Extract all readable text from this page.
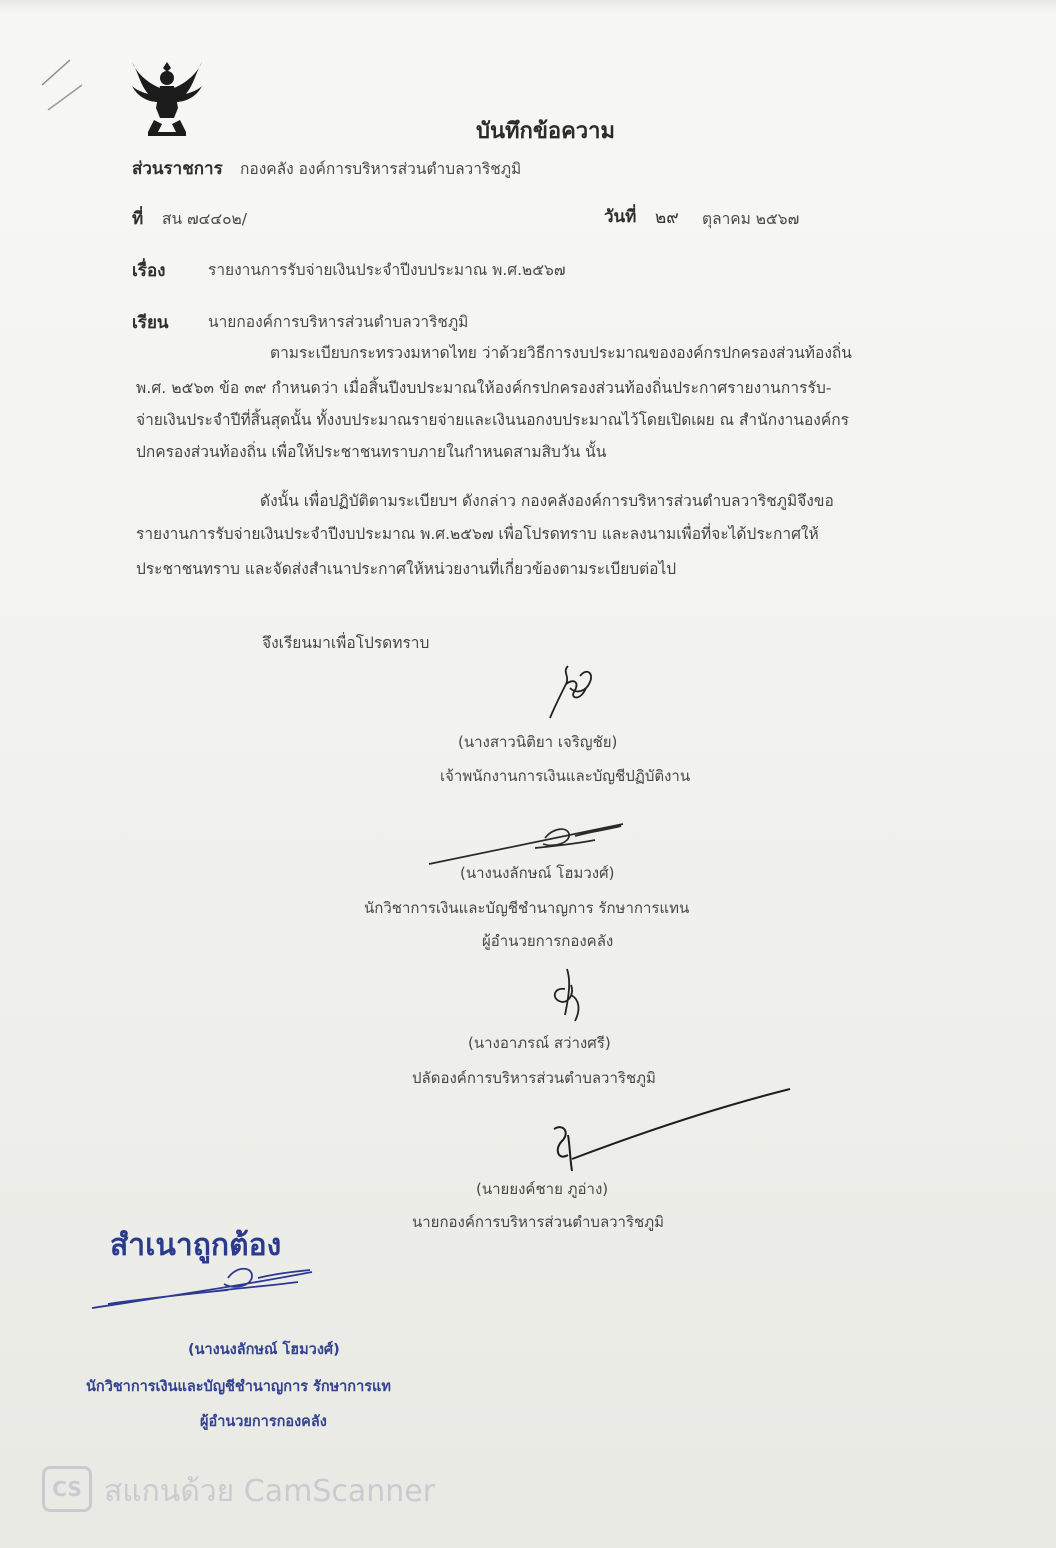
บันทึกข้อความ
ส่วนราชการ กองคลัง องค์การบริหารส่วนตำบลวาริชภูมิ
ที่ สน ๗๔๔๐๒/	วันที่ ๒๙ ตุลาคม ๒๕๖๗
เรื่อง	รายงานการรับจ่ายเงินประจำปีงบประมาณ พ.ศ.๒๕๖๗
เรียน	นายกองค์การบริหารส่วนตำบลวาริชภูมิ
ตามระเบียบกระทรวงมหาดไทย ว่าด้วยวิธีการงบประมาณขององค์กรปกครองส่วนท้องถิ่น
พ.ศ. ๒๕๖๓ ข้อ ๓๙ กำหนดว่า เมื่อสิ้นปีงบประมาณให้องค์กรปกครองส่วนท้องถิ่นประกาศรายงานการรับ-
จ่ายเงินประจำปีที่สิ้นสุดนั้น ทั้งงบประมาณรายจ่ายและเงินนอกงบประมาณไว้โดยเปิดเผย ณ สำนักงานองค์กร
ปกครองส่วนท้องถิ่น เพื่อให้ประชาชนทราบภายในกำหนดสามสิบวัน นั้น
ดังนั้น เพื่อปฏิบัติตามระเบียบฯ ดังกล่าว กองคลังองค์การบริหารส่วนตำบลวาริชภูมิจึงขอ
รายงานการรับจ่ายเงินประจำปีงบประมาณ พ.ศ.๒๕๖๗ เพื่อโปรดทราบ และลงนามเพื่อที่จะได้ประกาศให้
ประชาชนทราบ และจัดส่งสำเนาประกาศให้หน่วยงานที่เกี่ยวข้องตามระเบียบต่อไป
จึงเรียนมาเพื่อโปรดทราบ
(นางสาวนิติยา เจริญชัย)
เจ้าพนักงานการเงินและบัญชีปฏิบัติงาน
(นางนงลักษณ์ โฮมวงศ์)
นักวิชาการเงินและบัญชีชำนาญการ รักษาการแทน
ผู้อำนวยการกองคลัง
(นางอาภรณ์ สว่างศรี)
ปลัดองค์การบริหารส่วนตำบลวาริชภูมิ
(นายยงค์ชาย ภูอ่าง)
นายกองค์การบริหารส่วนตำบลวาริชภูมิ
สำเนาถูกต้อง
(นางนงลักษณ์ โฮมวงศ์)
นักวิชาการเงินและบัญชีชำนาญการ รักษาการแท
ผู้อำนวยการกองคลัง
CS สแกนด้วย CamScanner
